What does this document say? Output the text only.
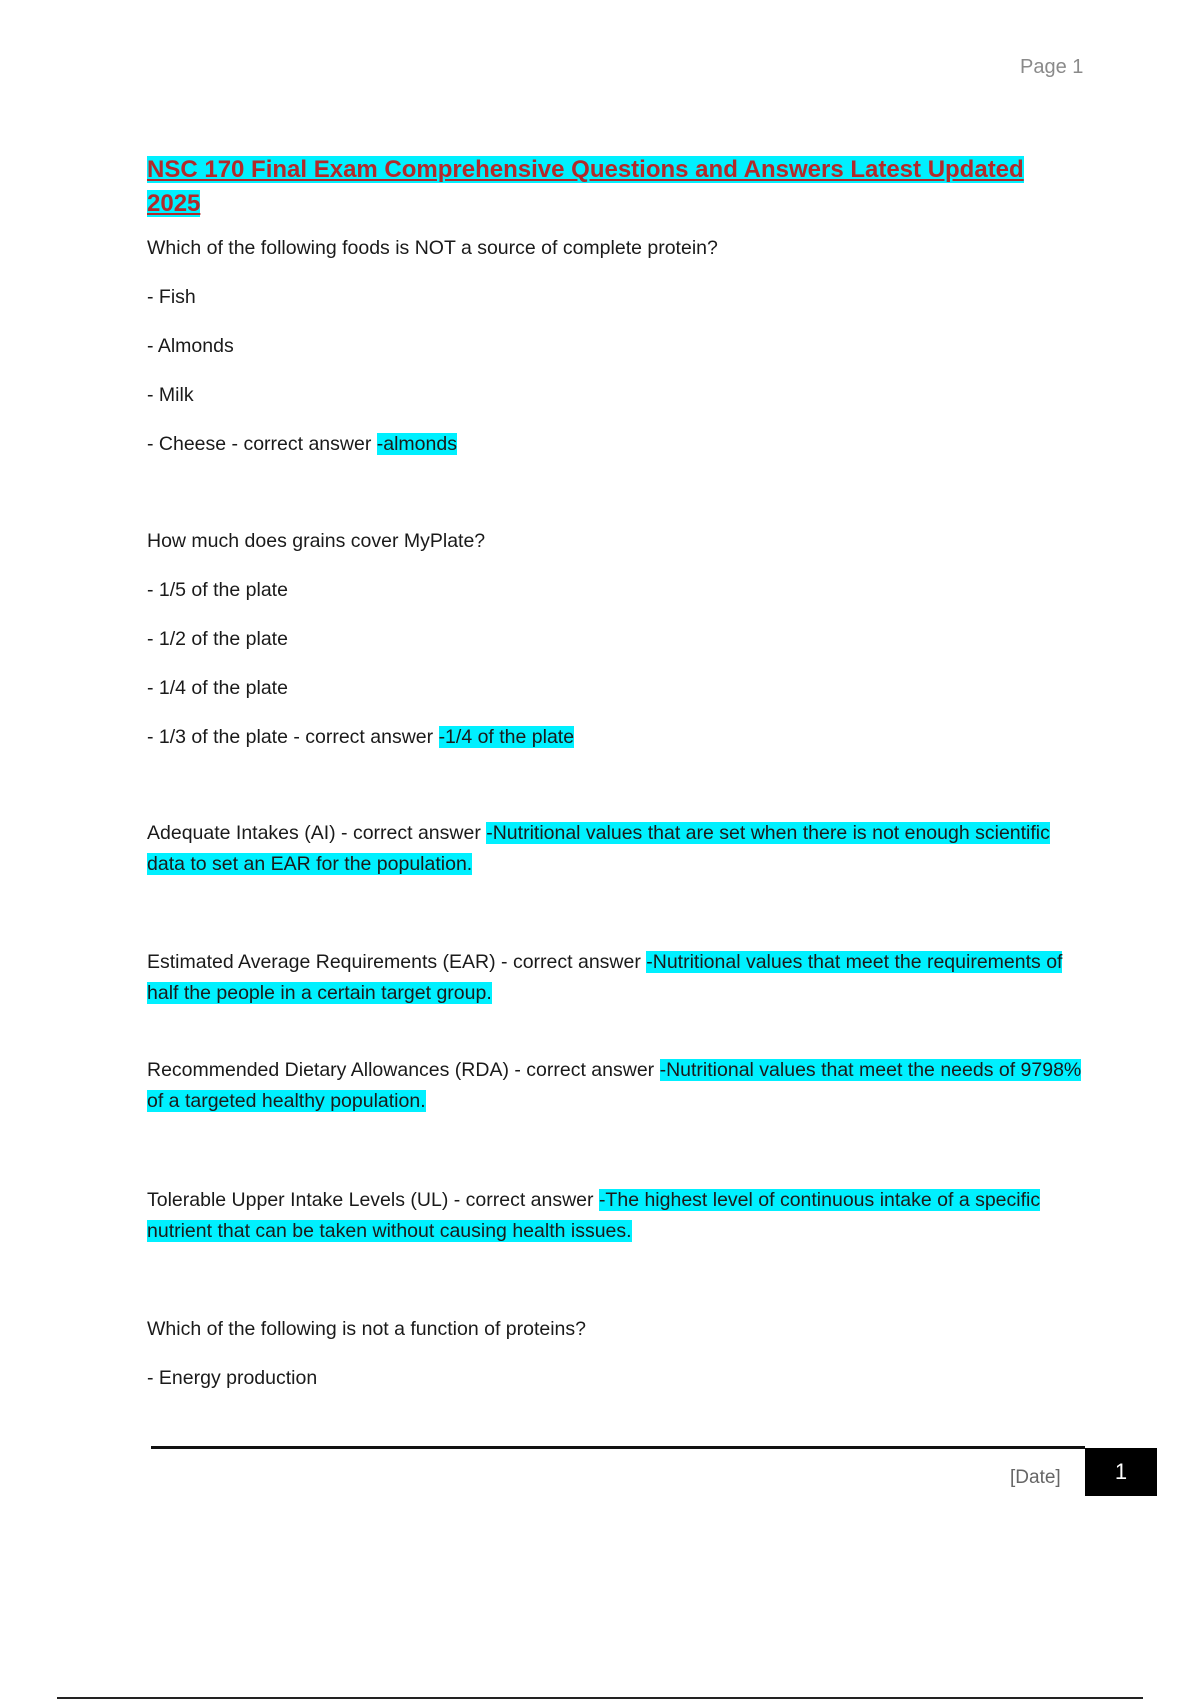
Page 1

NSC 170 Final Exam Comprehensive Questions and Answers Latest Updated 2025

Which of the following foods is NOT a source of complete protein?

- Fish

- Almonds

- Milk

- Cheese - correct answer -almonds

How much does grains cover MyPlate?

- 1/5 of the plate

- 1/2 of the plate

- 1/4 of the plate

- 1/3 of the plate - correct answer -1/4 of the plate

Adequate Intakes (AI) - correct answer -Nutritional values that are set when there is not enough scientific data to set an EAR for the population.

Estimated Average Requirements (EAR) - correct answer -Nutritional values that meet the requirements of half the people in a certain target group.

Recommended Dietary Allowances (RDA) - correct answer -Nutritional values that meet the needs of 9798% of a targeted healthy population.

Tolerable Upper Intake Levels (UL) - correct answer -The highest level of continuous intake of a specific nutrient that can be taken without causing health issues.

Which of the following is not a function of proteins?

- Energy production

[Date] 1
